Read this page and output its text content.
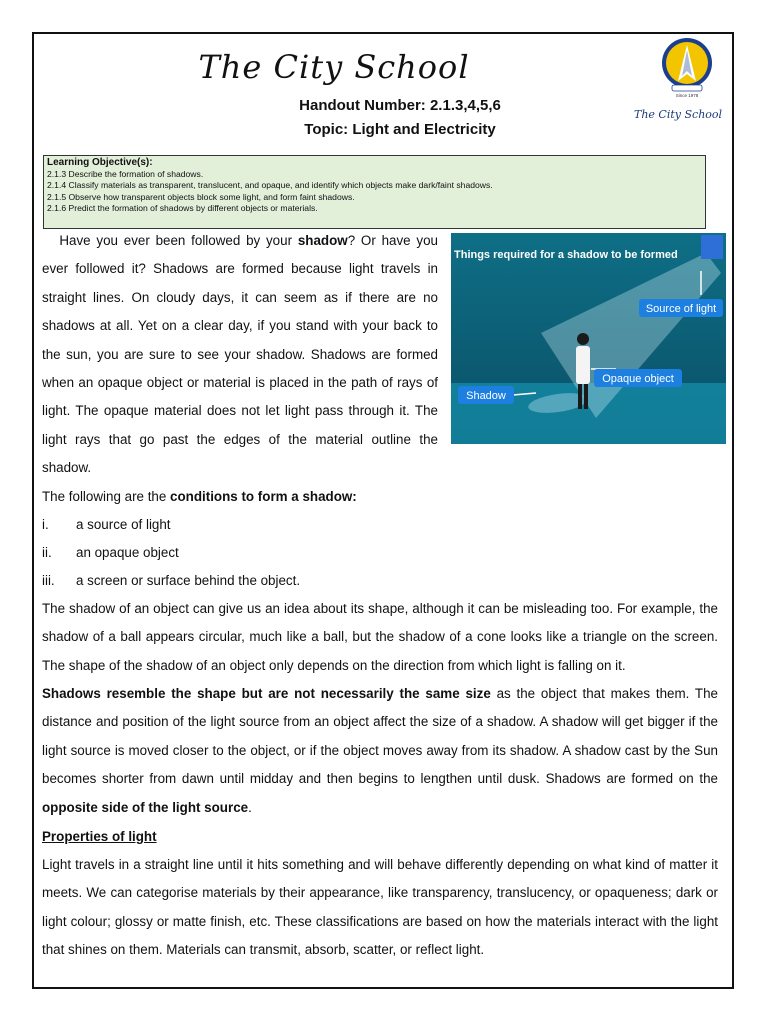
The City School
Handout Number: 2.1.3,4,5,6
Topic: Light and Electricity
Since 1978
The City School
Learning Objective(s):
2.1.3 Describe the formation of shadows.
2.1.4 Classify materials as transparent, translucent, and opaque, and identify which objects make dark/faint shadows.
2.1.5 Observe how transparent objects block some light, and form faint shadows.
2.1.6 Predict the formation of shadows by different objects or materials.
Have you ever been followed by your shadow? Or have you ever followed it? Shadows are formed because light travels in straight lines. On cloudy days, it can seem as if there are no shadows at all. Yet on a clear day, if you stand with your back to the sun, you are sure to see your shadow. Shadows are formed when an opaque object or material is placed in the path of rays of light. The opaque material does not let light pass through it. The light rays that go past the edges of the material outline the shadow.
Things required for a shadow to be formed
Source of light
Opaque object
Shadow
The following are the conditions to form a shadow:
i. a source of light
ii. an opaque object
iii. a screen or surface behind the object.
The shadow of an object can give us an idea about its shape, although it can be misleading too. For example, the shadow of a ball appears circular, much like a ball, but the shadow of a cone looks like a triangle on the screen. The shape of the shadow of an object only depends on the direction from which light is falling on it.
Shadows resemble the shape but are not necessarily the same size as the object that makes them. The distance and position of the light source from an object affect the size of a shadow. A shadow will get bigger if the light source is moved closer to the object, or if the object moves away from its shadow. A shadow cast by the Sun becomes shorter from dawn until midday and then begins to lengthen until dusk. Shadows are formed on the opposite side of the light source.
Properties of light
Light travels in a straight line until it hits something and will behave differently depending on what kind of matter it meets. We can categorise materials by their appearance, like transparency, translucency, or opaqueness; dark or light colour; glossy or matte finish, etc. These classifications are based on how the materials interact with the light that shines on them. Materials can transmit, absorb, scatter, or reflect light.
